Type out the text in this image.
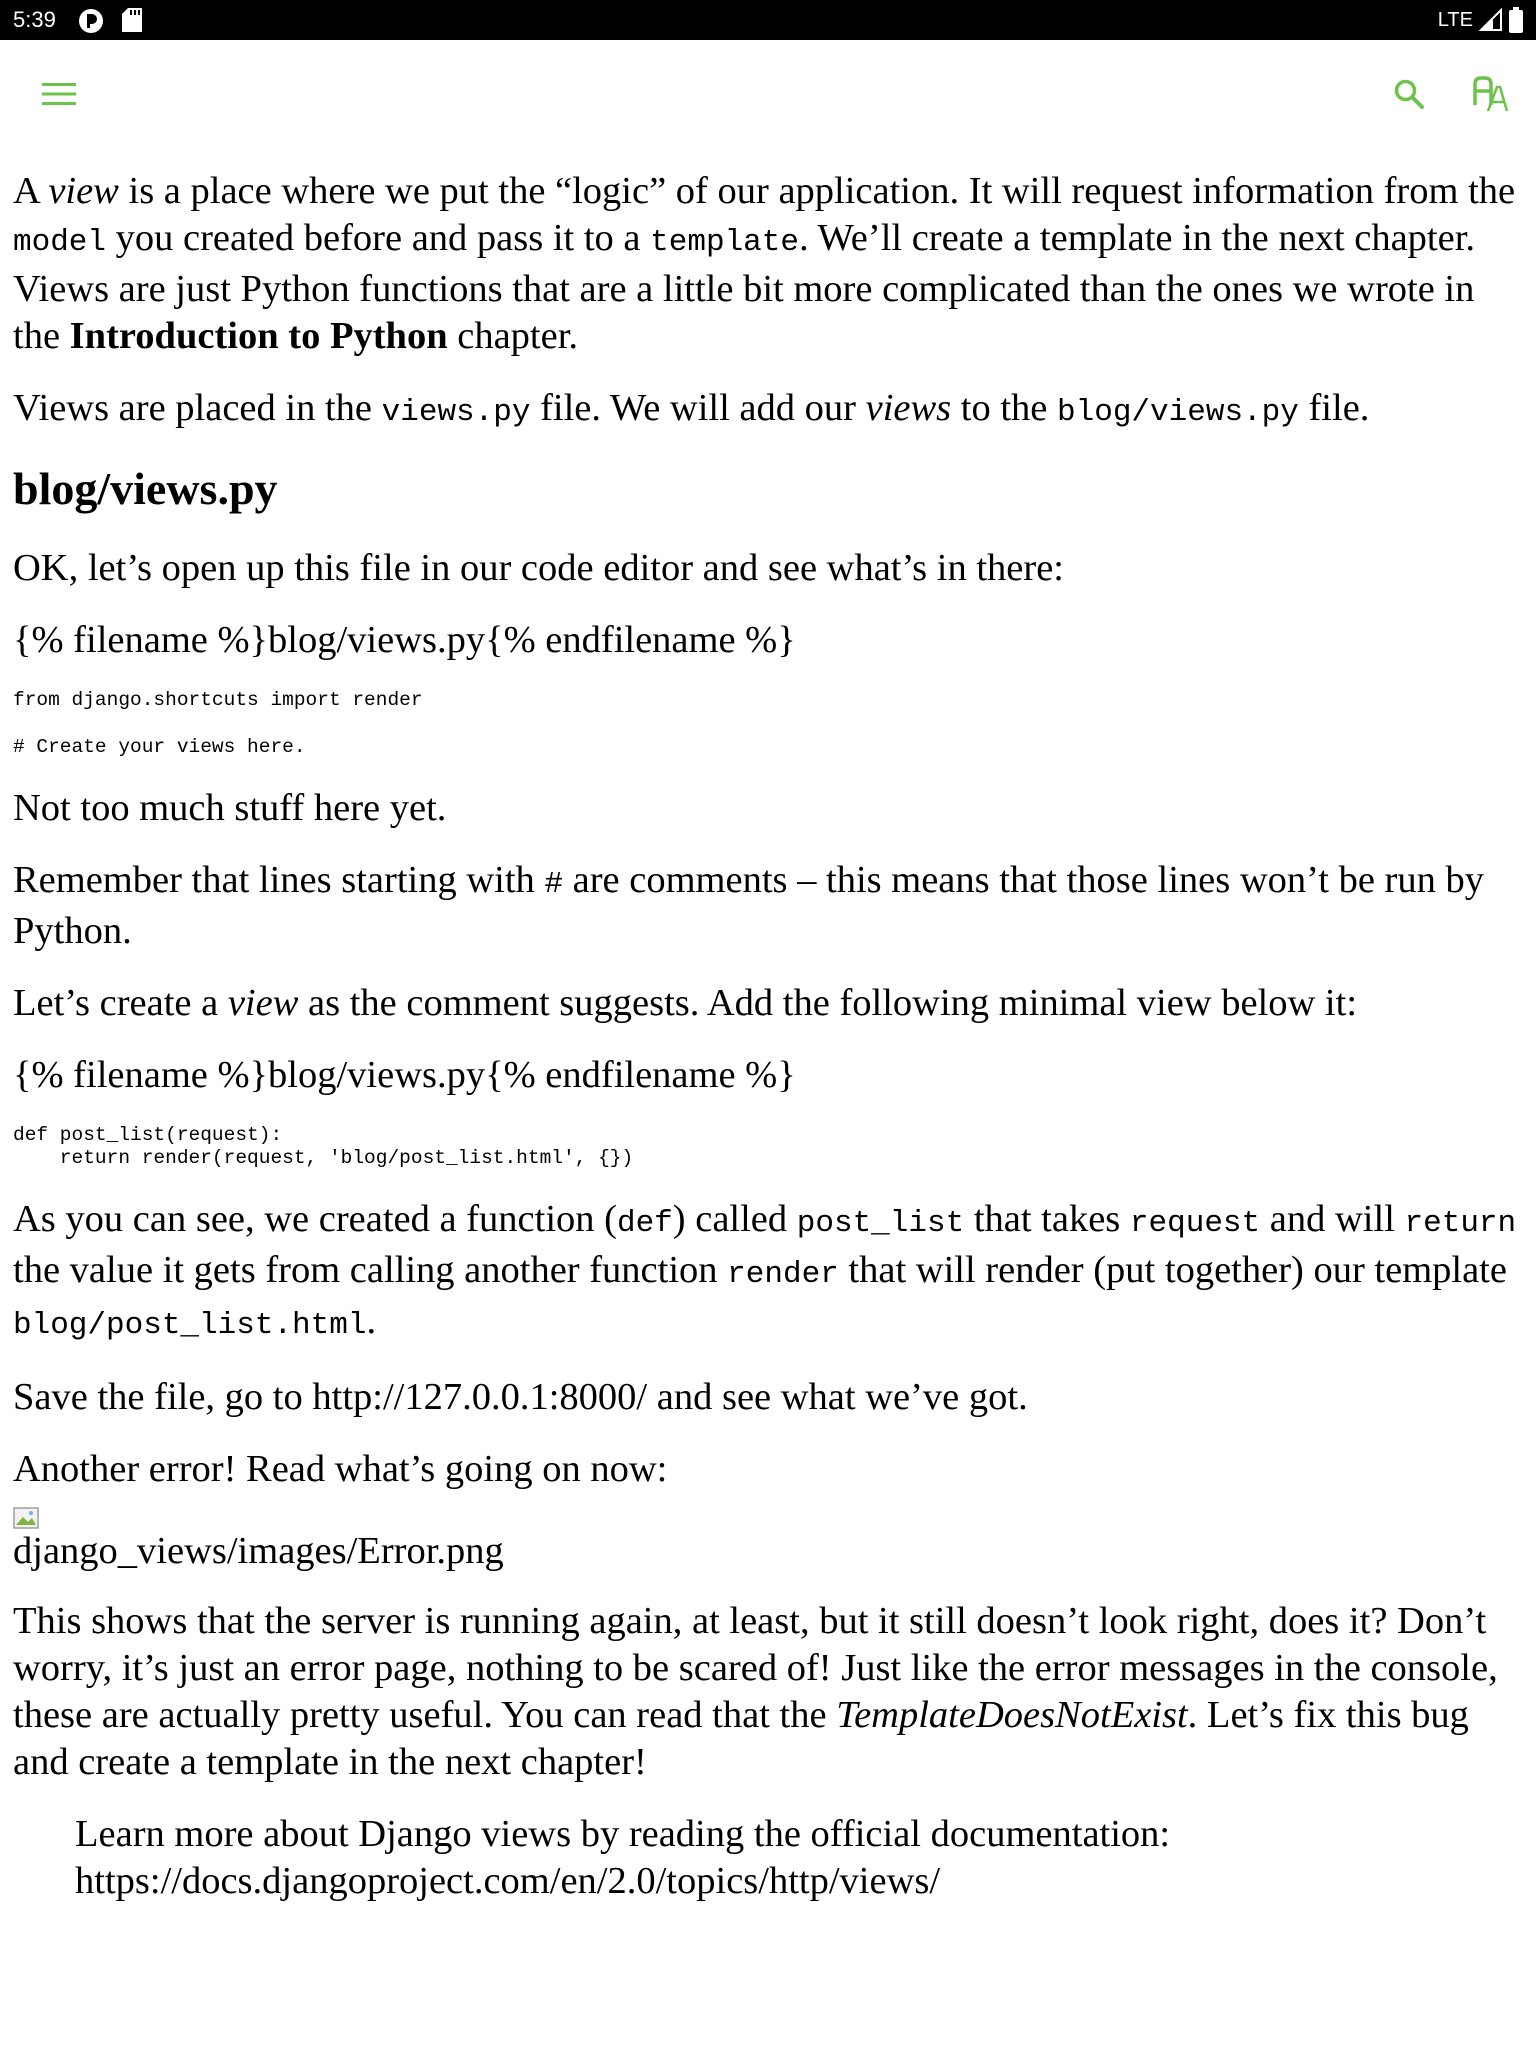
5:39	LTE

A view is a place where we put the “logic” of our application. It will request information from the model you created before and pass it to a template. We’ll create a template in the next chapter. Views are just Python functions that are a little bit more complicated than the ones we wrote in the Introduction to Python chapter.

Views are placed in the views.py file. We will add our views to the blog/views.py file.

blog/views.py

OK, let’s open up this file in our code editor and see what’s in there:

{% filename %}blog/views.py{% endfilename %}

from django.shortcuts import render

# Create your views here.

Not too much stuff here yet.

Remember that lines starting with # are comments – this means that those lines won’t be run by Python.

Let’s create a view as the comment suggests. Add the following minimal view below it:

{% filename %}blog/views.py{% endfilename %}

def post_list(request):
return render(request, 'blog/post_list.html', {})

As you can see, we created a function (def) called post_list that takes request and will return the value it gets from calling another function render that will render (put together) our template blog/post_list.html.

Save the file, go to http://127.0.0.1:8000/ and see what we’ve got.

Another error! Read what’s going on now:

django_views/images/Error.png

This shows that the server is running again, at least, but it still doesn’t look right, does it? Don’t worry, it’s just an error page, nothing to be scared of! Just like the error messages in the console, these are actually pretty useful. You can read that the TemplateDoesNotExist. Let’s fix this bug and create a template in the next chapter!

Learn more about Django views by reading the official documentation: https://docs.djangoproject.com/en/2.0/topics/http/views/
